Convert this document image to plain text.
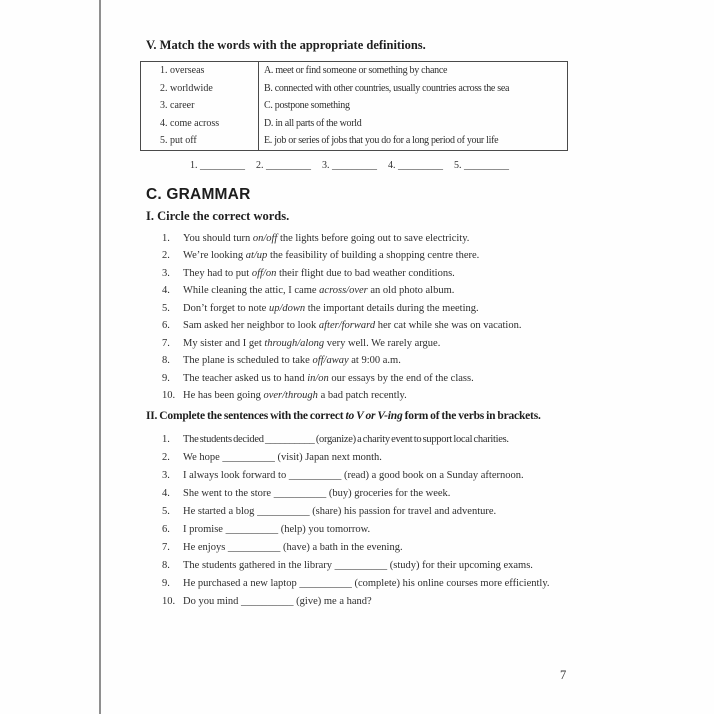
V. Match the words with the appropriate definitions.
1. overseas	A. meet or find someone or something by chance

2. worldwide	B. connected with other countries, usually countries across the sea

3. career	C. postpone something

4. come across	D. in all parts of the world

5. put off	E. job or series of jobs that you do for a long period of your life
1. _________ 2. _________ 3. _________ 4. _________ 5. _________
C. GRAMMAR
I. Circle the correct words.
1.	You should turn on/off the lights before going out to save electricity.
2.	We’re looking at/up the feasibility of building a shopping centre there.
3.	They had to put off/on their flight due to bad weather conditions.
4.	While cleaning the attic, I came across/over an old photo album.
5.	Don’t forget to note up/down the important details during the meeting.
6.	Sam asked her neighbor to look after/forward her cat while she was on vacation.
7.	My sister and I get through/along very well. We rarely argue.
8.	The plane is scheduled to take off/away at 9:00 a.m.
9.	The teacher asked us to hand in/on our essays by the end of the class.
10. He has been going over/through a bad patch recently.
II. Complete the sentences with the correct to V or V-ing form of the verbs in brackets.
1.	The students decided __________ (organize) a charity event to support local charities.
2.	We hope __________ (visit) Japan next month.
3.	I always look forward to __________ (read) a good book on a Sunday afternoon.
4.	She went to the store __________ (buy) groceries for the week.
5.	He started a blog __________ (share) his passion for travel and adventure.
6.	I promise __________ (help) you tomorrow.
7.	He enjoys __________ (have) a bath in the evening.
8.	The students gathered in the library __________ (study) for their upcoming exams.
9.	He purchased a new laptop __________ (complete) his online courses more efficiently.
10. Do you mind __________ (give) me a hand?
7
